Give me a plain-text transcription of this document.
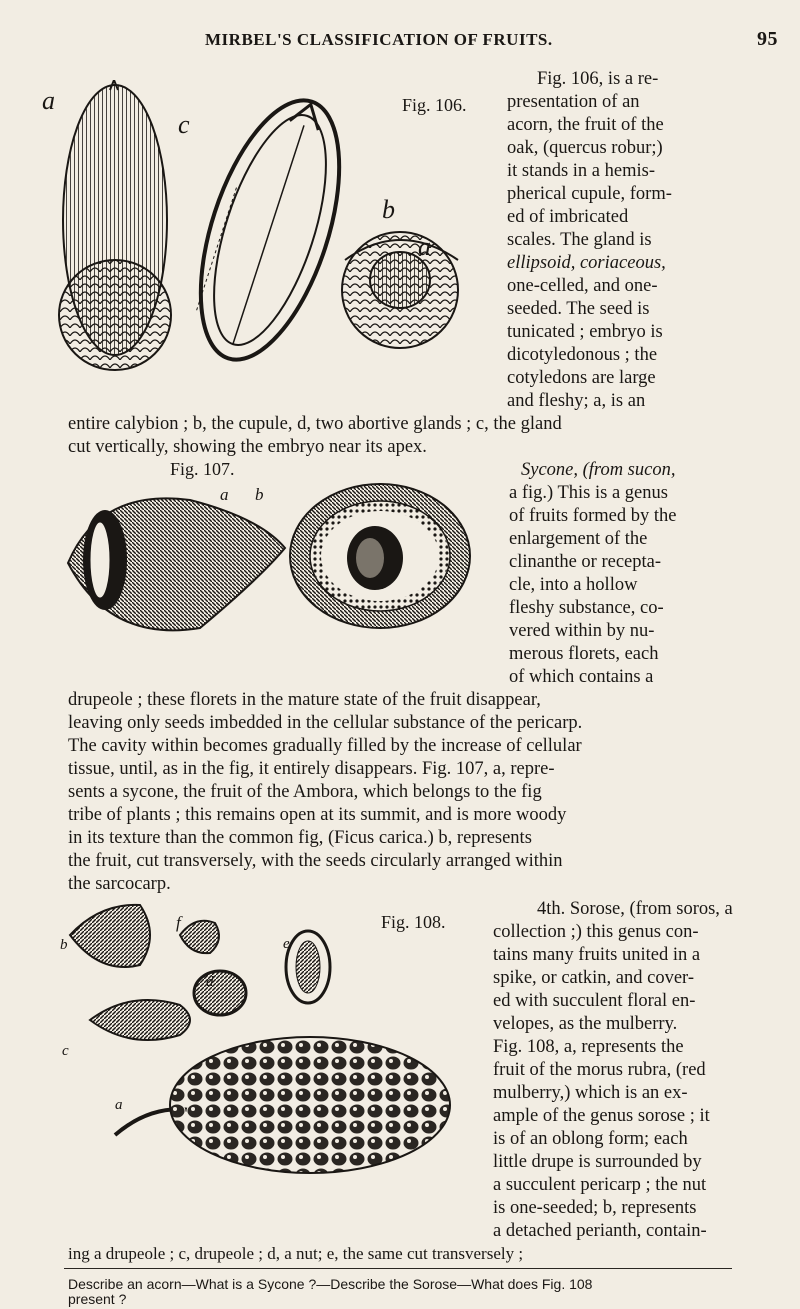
MIRBEL'S CLASSIFICATION OF FRUITS.	95
a
c
b
a
Fig. 106.
Fig. 106, is a re-
presentation of an
acorn, the fruit of the
oak, (quercus robur;)
it stands in a hemis-
pherical cupule, form-
ed of imbricated
scales. The gland is
ellipsoid, coriaceous,
one-celled, and one-
seeded. The seed is
tunicated ; embryo is
dicotyledonous ; the
cotyledons are large
and fleshy; a, is an
entire calybion ; b, the cupule, d, two abortive glands ; c, the gland
cut vertically, showing the embryo near its apex.
Fig. 107.
a b
Sycone, (from sucon,
a fig.) This is a genus
of fruits formed by the
enlargement of the
clinanthe or recepta-
cle, into a hollow
fleshy substance, co-
vered within by nu-
merous florets, each
of which contains a
drupeole ; these florets in the mature state of the fruit disappear,
leaving only seeds imbedded in the cellular substance of the pericarp.
The cavity within becomes gradually filled by the increase of cellular
tissue, until, as in the fig, it entirely disappears. Fig. 107, a, repre-
sents a sycone, the fruit of the Ambora, which belongs to the fig
tribe of plants ; this remains open at its summit, and is more woody
in its texture than the common fig, (Ficus carica.) b, represents
the fruit, cut transversely, with the seeds circularly arranged within
the sarcocarp.
Fig. 108.
b
f
e
d
c
a
4th. Sorose, (from soros, a
collection ;) this genus con-
tains many fruits united in a
spike, or catkin, and cover-
ed with succulent floral en-
velopes, as the mulberry.
Fig. 108, a, represents the
fruit of the morus rubra, (red
mulberry,) which is an ex-
ample of the genus sorose ; it
is of an oblong form; each
little drupe is surrounded by
a succulent pericarp ; the nut
is one-seeded; b, represents
Describe an acorn—What is a Sycone ?—Describe the Sorose—What does Fig. 108
a detached perianth, contain-
ing a drupeole ; c, drupeole ; d, a nut; e, the same cut transversely ;
present ?
